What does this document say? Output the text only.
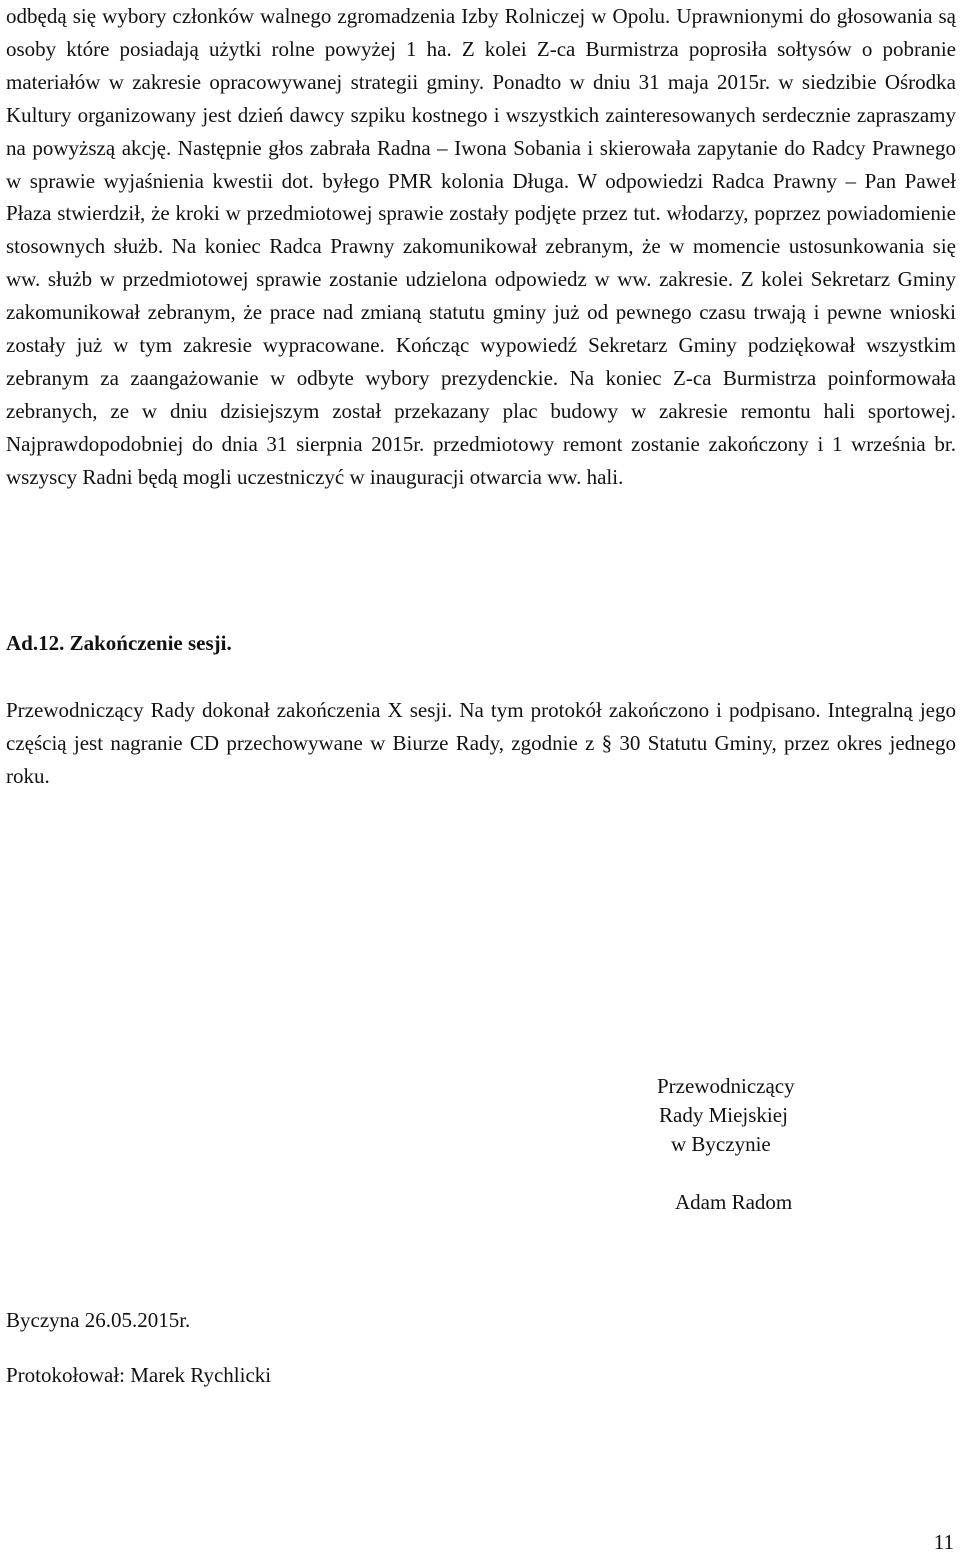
odbędą się wybory członków walnego zgromadzenia Izby Rolniczej w Opolu. Uprawnionymi do głosowania są osoby które posiadają użytki rolne powyżej 1 ha. Z kolei Z-ca Burmistrza poprosiła sołtysów o pobranie materiałów w zakresie opracowywanej strategii gminy. Ponadto w dniu 31 maja 2015r. w siedzibie Ośrodka Kultury organizowany jest dzień dawcy szpiku kostnego i wszystkich zainteresowanych serdecznie zapraszamy na powyższą akcję. Następnie głos zabrała Radna – Iwona Sobania i skierowała zapytanie do Radcy Prawnego w sprawie wyjaśnienia kwestii dot. byłego PMR kolonia Długa. W odpowiedzi Radca Prawny – Pan Paweł Płaza stwierdził, że kroki w przedmiotowej sprawie zostały podjęte przez tut. włodarzy, poprzez powiadomienie stosownych służb. Na koniec Radca Prawny zakomunikował zebranym, że w momencie ustosunkowania się ww. służb w przedmiotowej sprawie zostanie udzielona odpowiedz w ww. zakresie. Z kolei Sekretarz Gminy zakomunikował zebranym, że prace nad zmianą statutu gminy już od pewnego czasu trwają i pewne wnioski zostały już w tym zakresie wypracowane. Kończąc wypowiedź Sekretarz Gminy podziękował wszystkim zebranym za zaangażowanie w odbyte wybory prezydenckie. Na koniec Z-ca Burmistrza poinformowała zebranych, ze w dniu dzisiejszym został przekazany plac budowy w zakresie remontu hali sportowej. Najprawdopodobniej do dnia 31 sierpnia 2015r. przedmiotowy remont zostanie zakończony i 1 września br. wszyscy Radni będą mogli uczestniczyć w inauguracji otwarcia ww. hali.

Ad.12. Zakończenie sesji.

Przewodniczący Rady dokonał zakończenia X sesji. Na tym protokół zakończono i podpisano. Integralną jego częścią jest nagranie CD przechowywane w Biurze Rady, zgodnie z § 30 Statutu Gminy, przez okres jednego roku.

Przewodniczący
Rady Miejskiej
w Byczynie
Adam Radom
Byczyna 26.05.2015r.
Protokołował: Marek Rychlicki
11
